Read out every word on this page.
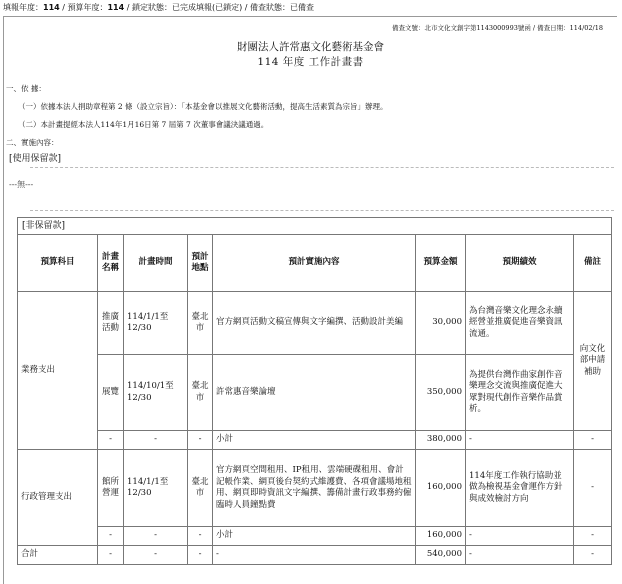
填報年度：114 / 預算年度：114 / 鎖定狀態：已完成填報(已鎖定) / 備查狀態：已備查
備查文號：北市文化文創字第1143000993號函 / 備查日期：114/02/18
財團法人許常惠文化藝術基金會
114 年度 工作計畫書
一、依 據：
（一）依據本法人捐助章程第 2 條（設立宗旨）：「本基金會以推展文化藝術活動，提高生活素質為宗旨」辦理。
（二）本計畫提經本法人114年1月16日第 7 屆第 7 次董事會議決議通過。
二、實施內容：
[使用保留款]
---無---
[非保留款]							
預算科目	計畫名稱	計畫時間	預計地點	預計實施內容	預算金額	預期績效	備註
業務支出	推廣活動	114/1/1至12/30	臺北市	官方網頁活動文稿宣傳與文字編撰、活動設計美編	30,000	為台灣音樂文化理念永續經營並推廣促進音樂資訊流通。	向文化部申請補助
	展覽	114/10/1至12/30	臺北市	許常惠音樂論壇	350,000	為提供台灣作曲家創作音樂理念交流與推廣促進大眾對現代創作音樂作品賞析。	
	-	-	-	小計	380,000	-	-
行政管理支出	館所營運	114/1/1至12/30	臺北市	官方網頁空間租用、IP租用、雲端硬碟租用、會計記帳作業、網頁後台契約式維護費、各項會議場地租用、網頁即時資訊文字編撰、籌備計畫行政事務約僱臨時人員鐘點費	160,000	114年度工作執行協助並做為檢視基金會運作方針與成效檢討方向	-
	-	-	-	小計	160,000	-	-
合計	-	-	-	-	540,000	-	-
